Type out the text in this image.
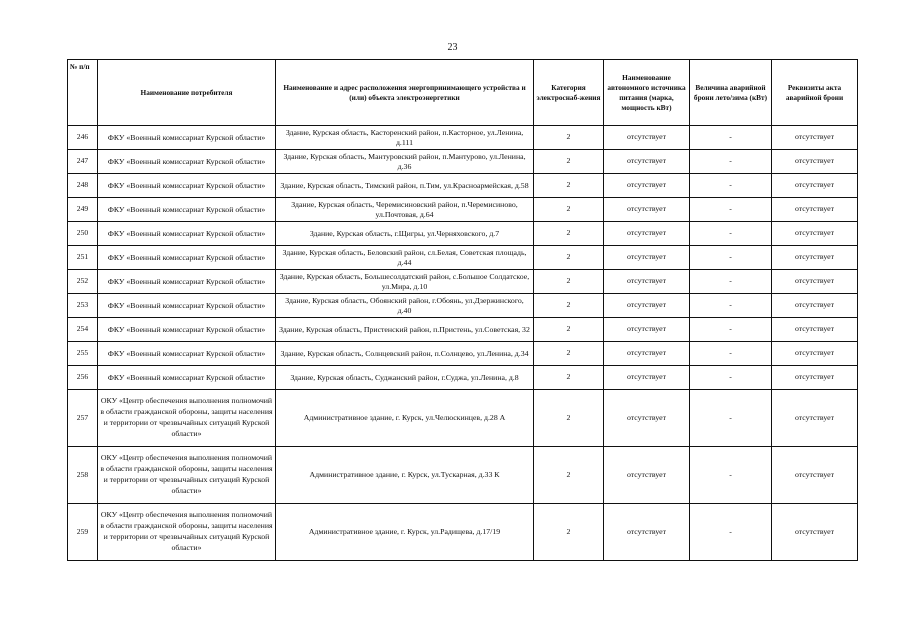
23
№ п/п	Наименование потребителя	Наименование и адрес расположения энергопринимающего устройства и (или) объекта электроэнергетики	Категория электроснаб-жения	Наименование автономного источника питания (марка, мощность кВт)	Величина аварийной брони лето/зима (кВт)	Реквизиты акта аварийной брони
246	ФКУ «Военный комиссариат Курской области»	Здание, Курская область, Касторенский район, п.Касторное, ул.Ленина, д.111	2	отсутствует	-	отсутствует
247	ФКУ «Военный комиссариат Курской области»	Здание, Курская область, Мантуровский район, п.Мантурово, ул.Ленина, д.36	2	отсутствует	-	отсутствует
248	ФКУ «Военный комиссариат Курской области»	Здание, Курская область, Тимский район, п.Тим, ул.Красноармейская, д.58	2	отсутствует	-	отсутствует
249	ФКУ «Военный комиссариат Курской области»	Здание, Курская область, Черемисиновский район, п.Черемисиново, ул.Почтовая, д.64	2	отсутствует	-	отсутствует
250	ФКУ «Военный комиссариат Курской области»	Здание, Курская область, г.Щигры, ул.Черняховского, д.7	2	отсутствует	-	отсутствует
251	ФКУ «Военный комиссариат Курской области»	Здание, Курская область, Беловский район, сл.Белая, Советская площадь, д.44	2	отсутствует	-	отсутствует
252	ФКУ «Военный комиссариат Курской области»	Здание, Курская область, Большесолдатский район, с.Большое Солдатское, ул.Мира, д.10	2	отсутствует	-	отсутствует
253	ФКУ «Военный комиссариат Курской области»	Здание, Курская область, Обоянский район, г.Обоянь, ул.Дзержинского, д.40	2	отсутствует	-	отсутствует
254	ФКУ «Военный комиссариат Курской области»	Здание, Курская область, Пристенский район, п.Пристень, ул.Советская, 32	2	отсутствует	-	отсутствует
255	ФКУ «Военный комиссариат Курской области»	Здание, Курская область, Солнцевский район, п.Солнцево, ул.Ленина, д.34	2	отсутствует	-	отсутствует
256	ФКУ «Военный комиссариат Курской области»	Здание, Курская область, Суджанский район, г.Суджа, ул.Ленина, д.8	2	отсутствует	-	отсутствует
257	ОКУ «Центр обеспечения выполнения полномочий в области гражданской обороны, защиты населения и территории от чрезвычайных ситуаций Курской области»	Административное здание, г. Курск, ул.Челюскинцев, д.28 А	2	отсутствует	-	отсутствует
258	ОКУ «Центр обеспечения выполнения полномочий в области гражданской обороны, защиты населения и территории от чрезвычайных ситуаций Курской области»	Административное здание, г. Курск, ул.Тускарная, д.33 К	2	отсутствует	-	отсутствует
259	ОКУ «Центр обеспечения выполнения полномочий в области гражданской обороны, защиты населения и территории от чрезвычайных ситуаций Курской области»	Административное здание, г. Курск, ул.Радищева, д.17/19	2	отсутствует	-	отсутствует
